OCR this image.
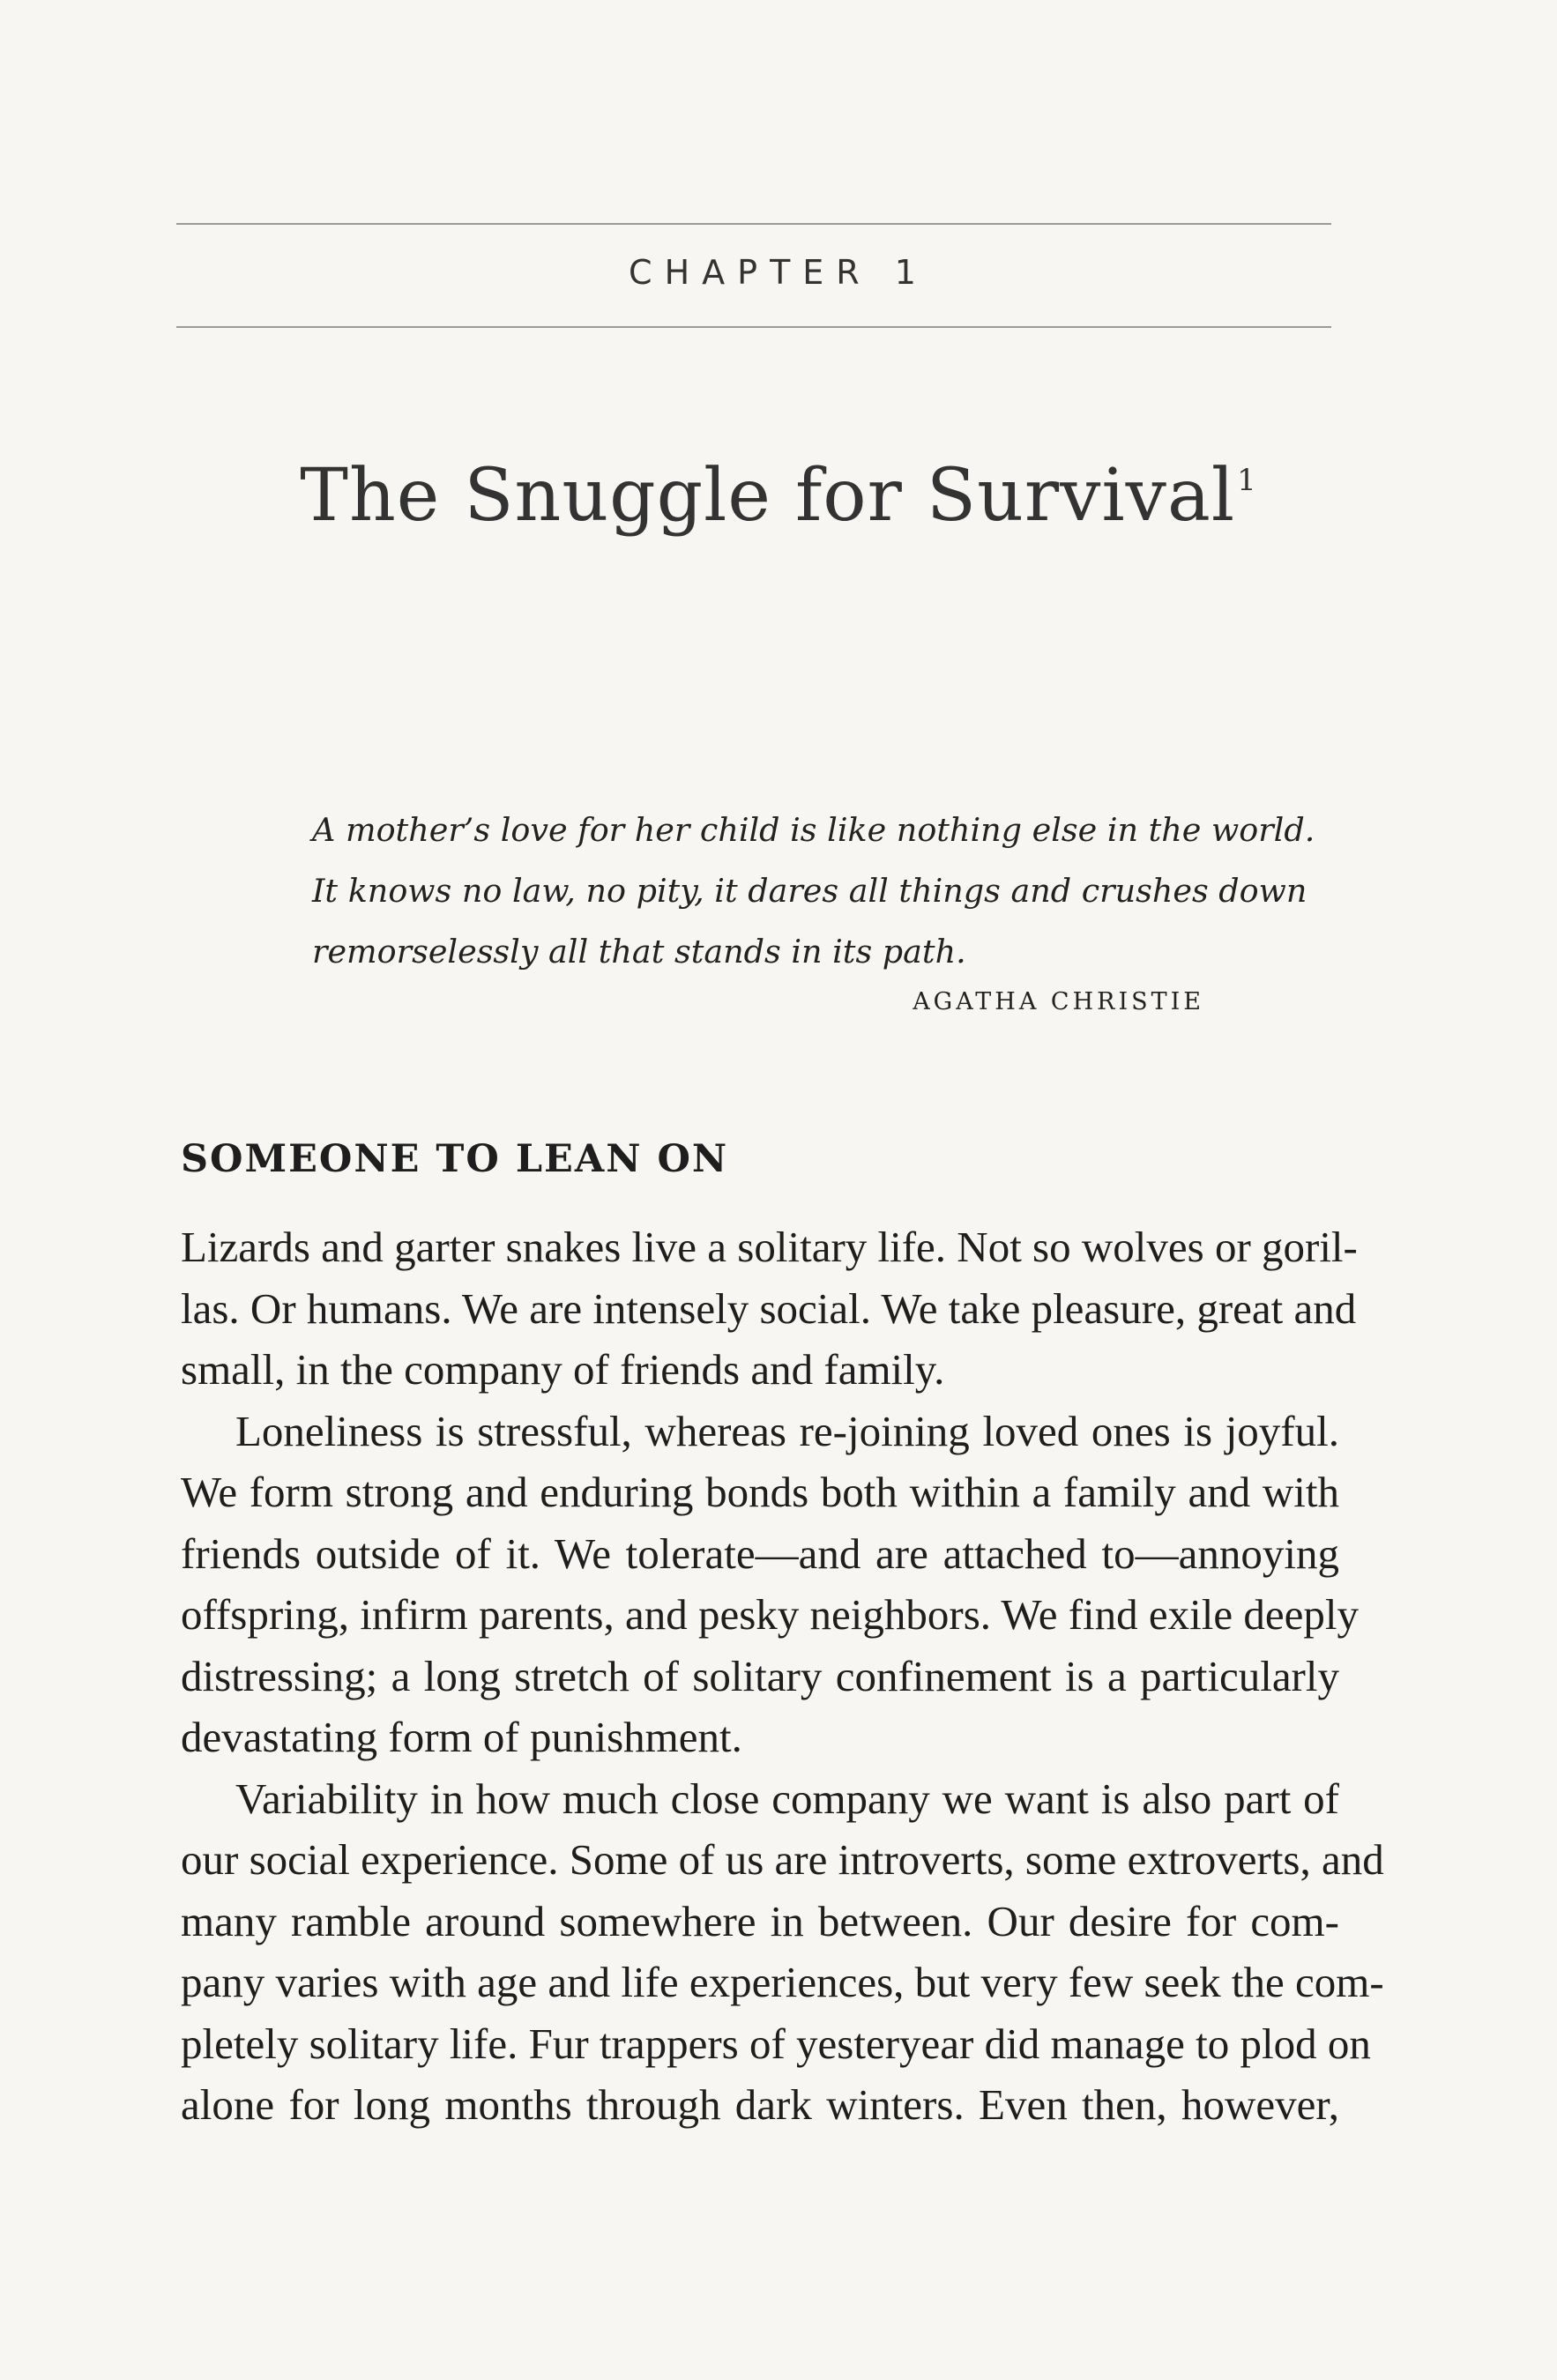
CHAPTER 1
The Snuggle for Survival$^1$
A mother’s love for her child is like nothing else in the world.
It knows no law, no pity, it dares all things and crushes down
remorselessly all that stands in its path.
AGATHA CHRISTIE
SOMEONE TO LEAN ON
Lizards and garter snakes live a solitary life. Not so wolves or goril-
las. Or humans. We are intensely social. We take pleasure, great and
small, in the company of friends and family.
Loneliness is stressful, whereas re-joining loved ones is joyful.
We form strong and enduring bonds both within a family and with
friends outside of it. We tolerate—and are attached to—annoying
offspring, infirm parents, and pesky neighbors. We find exile deeply
distressing; a long stretch of solitary confinement is a particularly
devastating form of punishment.
Variability in how much close company we want is also part of
our social experience. Some of us are introverts, some extroverts, and
many ramble around somewhere in between. Our desire for com-
pany varies with age and life experiences, but very few seek the com-
pletely solitary life. Fur trappers of yesteryear did manage to plod on
alone for long months through dark winters. Even then, however,
